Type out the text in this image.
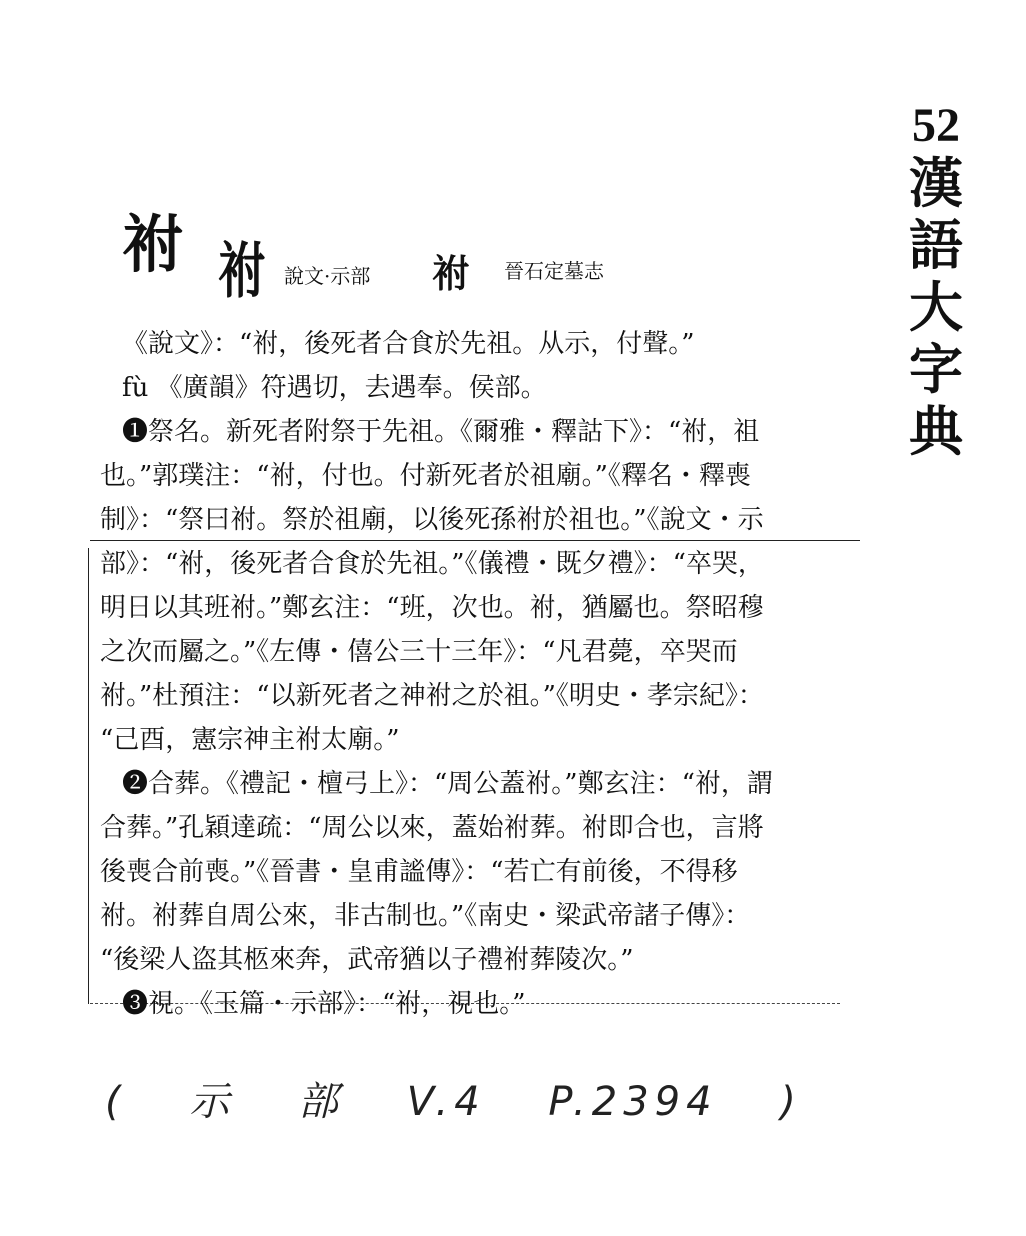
52
漢
語
大
字
典
祔 祔 說文·示部 祔 晉石定墓志
《說文》：“祔，後死者合食於先祖。从示，付聲。”
fù 《廣韻》符遇切，去遇奉。侯部。
❶祭名。新死者附祭于先祖。《爾雅・釋詁下》：“祔，祖
也。”郭璞注：“祔，付也。付新死者於祖廟。”《釋名・釋喪
制》：“祭曰祔。祭於祖廟，以後死孫祔於祖也。”《說文・示
部》：“祔，後死者合食於先祖。”《儀禮・既夕禮》：“卒哭，
明日以其班祔。”鄭玄注：“班，次也。祔，猶屬也。祭昭穆
之次而屬之。”《左傳・僖公三十三年》：“凡君薨，卒哭而
祔。”杜預注：“以新死者之神祔之於祖。”《明史・孝宗紀》：
“己酉，憲宗神主祔太廟。”
❷合葬。《禮記・檀弓上》：“周公蓋祔。”鄭玄注：“祔，謂
合葬。”孔穎達疏：“周公以來，蓋始祔葬。祔即合也，言將
後喪合前喪。”《晉書・皇甫謐傳》：“若亡有前後，不得移
祔。祔葬自周公來，非古制也。”《南史・梁武帝諸子傳》：
“後梁人盗其柩來奔，武帝猶以子禮祔葬陵次。”
❸視。《玉篇・示部》：“祔，視也。”
( 示 部 V.4 P.2394 )
